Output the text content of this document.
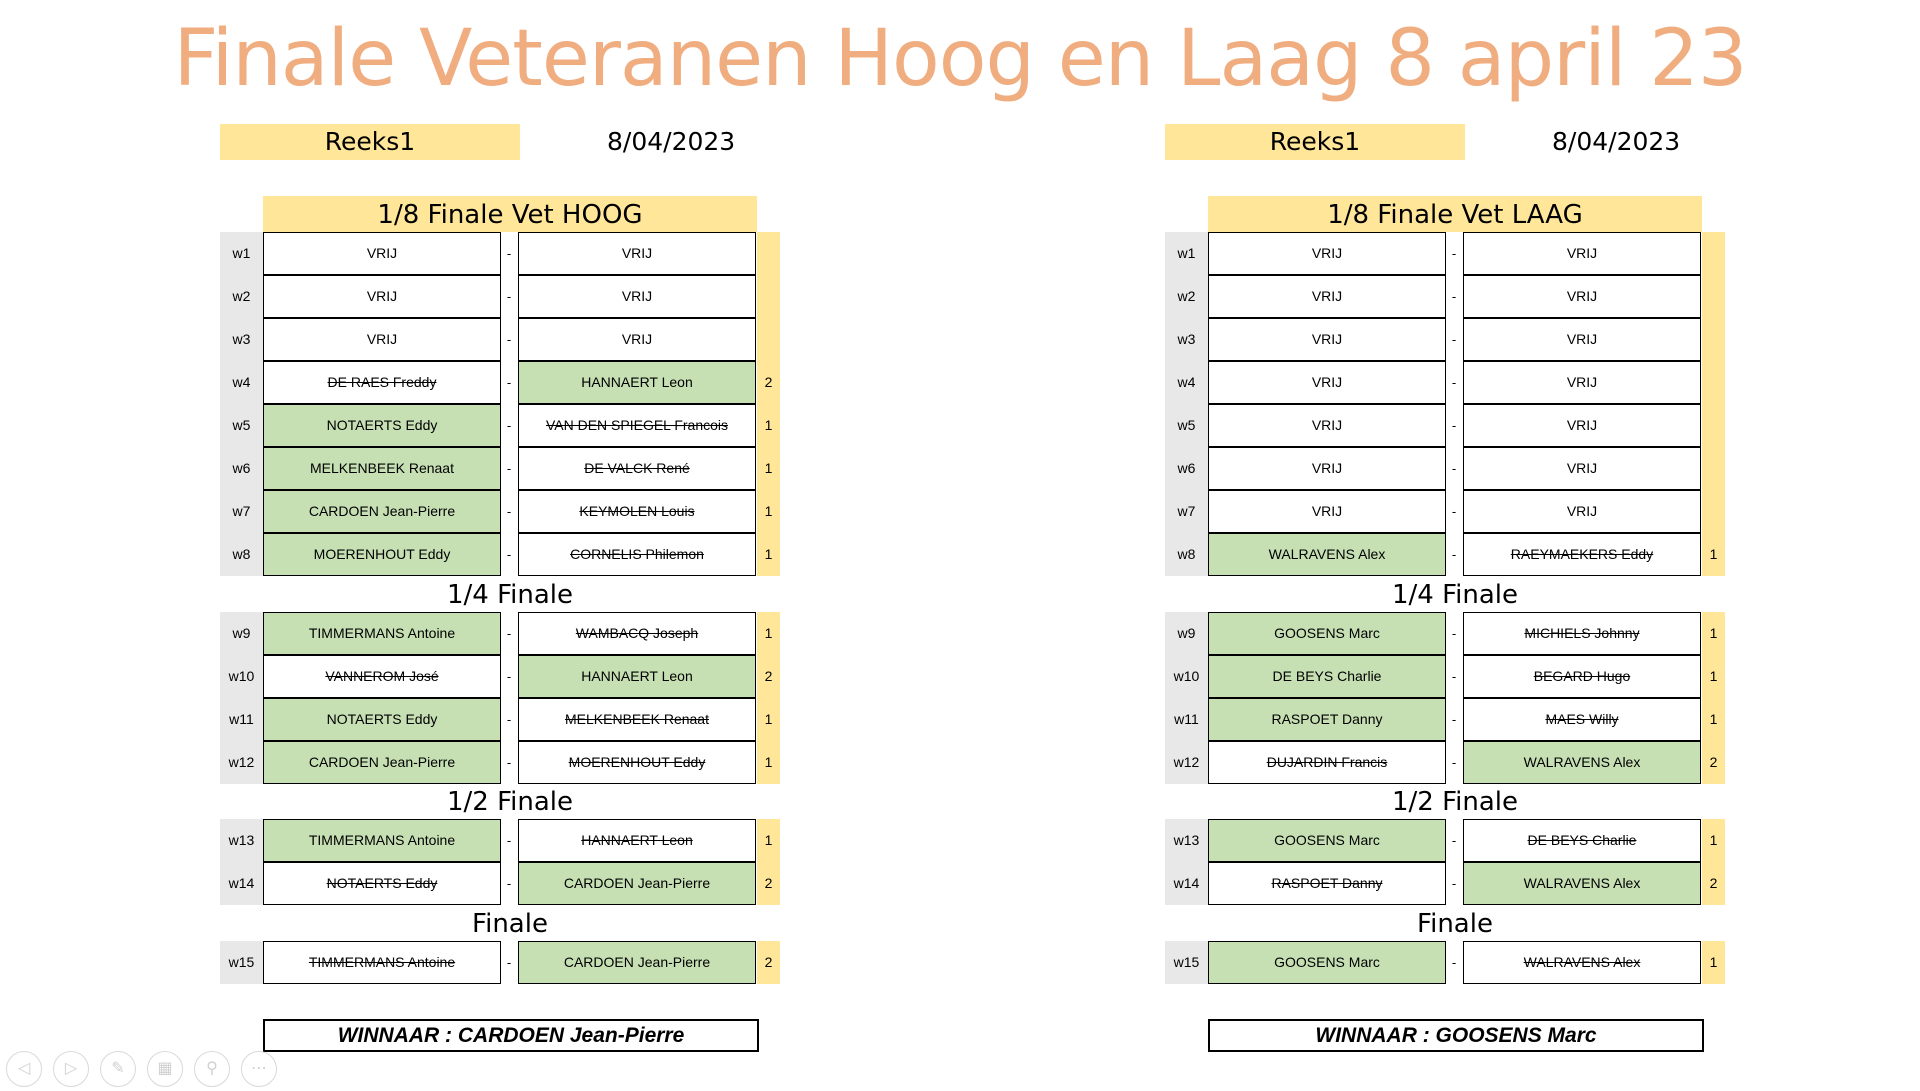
Finale Veteranen Hoog en Laag 8 april 23
Reeks1	8/04/2023
WINNAAR : CARDOEN Jean-Pierre
1/8 Finale Vet HOOG
w1	VRIJ	-	VRIJ
w2	VRIJ	-	VRIJ
w3	VRIJ	-	VRIJ
w4	DE RAES Freddy	-	HANNAERT Leon	2
w5	NOTAERTS Eddy	-	VAN DEN SPIEGEL Francois	1
w6	MELKENBEEK Renaat	-	DE VALCK René	1
w7	CARDOEN Jean-Pierre	-	KEYMOLEN Louis	1
w8	MOERENHOUT Eddy	-	CORNELIS Philemon	1
1/4 Finale
w9	TIMMERMANS Antoine	-	WAMBACQ Joseph	1
w10	VANNEROM José	-	HANNAERT Leon	2
w11	NOTAERTS Eddy	-	MELKENBEEK Renaat	1
w12	CARDOEN Jean-Pierre	-	MOERENHOUT Eddy	1
1/2 Finale
w13	TIMMERMANS Antoine	-	HANNAERT Leon	1
w14	NOTAERTS Eddy	-	CARDOEN Jean-Pierre	2
Finale
w15	TIMMERMANS Antoine	-	CARDOEN Jean-Pierre	2
Reeks1	8/04/2023
WINNAAR : GOOSENS Marc
1/8 Finale Vet LAAG
w1	VRIJ	-	VRIJ
w2	VRIJ	-	VRIJ
w3	VRIJ	-	VRIJ
w4	VRIJ	-	VRIJ
w5	VRIJ	-	VRIJ
w6	VRIJ	-	VRIJ
w7	VRIJ	-	VRIJ
w8	WALRAVENS Alex	-	RAEYMAEKERS Eddy	1
1/4 Finale
w9	GOOSENS Marc	-	MICHIELS Johnny	1
w10	DE BEYS Charlie	-	BEGARD Hugo	1
w11	RASPOET Danny	-	MAES Willy	1
w12	DUJARDIN Francis	-	WALRAVENS Alex	2
1/2 Finale
w13	GOOSENS Marc	-	DE BEYS Charlie	1
w14	RASPOET Danny	-	WALRAVENS Alex	2
Finale
w15	GOOSENS Marc	-	WALRAVENS Alex	1
◁	▷	✎	▦	⚲	⋯
